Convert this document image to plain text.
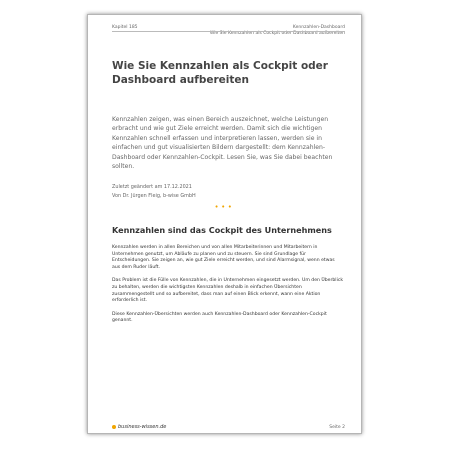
Kapitel 185	Kennzahlen-Dashboard
Wie Sie Kennzahlen als Cockpit oder Dashboard aufbereiten
Wie Sie Kennzahlen als Cockpit oder Dashboard aufbereiten
Kennzahlen zeigen, was einen Bereich auszeichnet, welche Leistungen erbracht und wie gut Ziele erreicht werden. Damit sich die wichtigen Kennzahlen schnell erfassen und interpretieren lassen, werden sie in einfachen und gut visualisierten Bildern dargestellt: dem Kennzahlen-Dashboard oder Kennzahlen-Cockpit. Lesen Sie, was Sie dabei beachten sollten.
Zuletzt geändert am 17.12.2021
Von Dr. Jürgen Fleig, b-wise GmbH
•••
Kennzahlen sind das Cockpit des Unternehmens

Kennzahlen werden in allen Bereichen und von allen Mitarbeiterinnen und Mitarbeitern in Unternehmen genutzt, um Abläufe zu planen und zu steuern. Sie sind Grundlage für Entscheidungen. Sie zeigen an, wie gut Ziele erreicht werden, und sind Alarmsignal, wenn etwas aus dem Ruder läuft.

Das Problem ist die Fülle von Kennzahlen, die in Unternehmen eingesetzt werden. Um den Überblick zu behalten, werden die wichtigsten Kennzahlen deshalb in einfachen Übersichten zusammengestellt und so aufbereitet, dass man auf einen Blick erkennt, wann eine Aktion erforderlich ist.

Diese Kennzahlen-Übersichten werden auch Kennzahlen-Dashboard oder Kennzahlen-Cockpit genannt.

business-wissen.de	Seite 2
